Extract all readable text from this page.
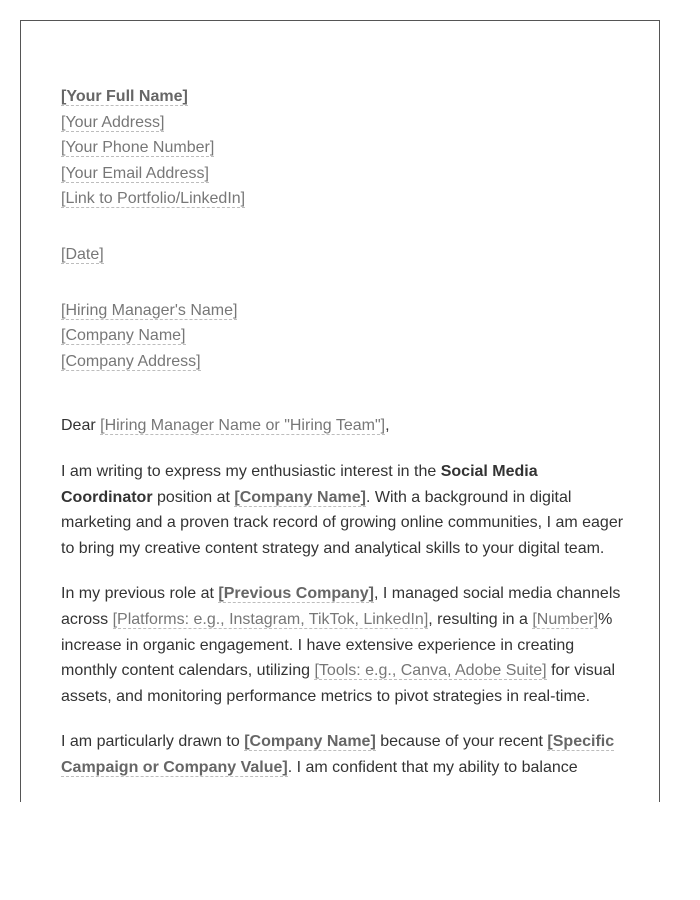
[Your Full Name]
[Your Address]
[Your Phone Number]
[Your Email Address]
[Link to Portfolio/LinkedIn]
[Date]
[Hiring Manager's Name]
[Company Name]
[Company Address]

Dear [Hiring Manager Name or "Hiring Team"],

I am writing to express my enthusiastic interest in the Social Media Coordinator position at [Company Name]. With a background in digital marketing and a proven track record of growing online communities, I am eager to bring my creative content strategy and analytical skills to your digital team.

In my previous role at [Previous Company], I managed social media channels across [Platforms: e.g., Instagram, TikTok, LinkedIn], resulting in a [Number]% increase in organic engagement. I have extensive experience in creating monthly content calendars, utilizing [Tools: e.g., Canva, Adobe Suite] for visual assets, and monitoring performance metrics to pivot strategies in real-time.

I am particularly drawn to [Company Name] because of your recent [Specific Campaign or Company Value]. I am confident that my ability to balance
